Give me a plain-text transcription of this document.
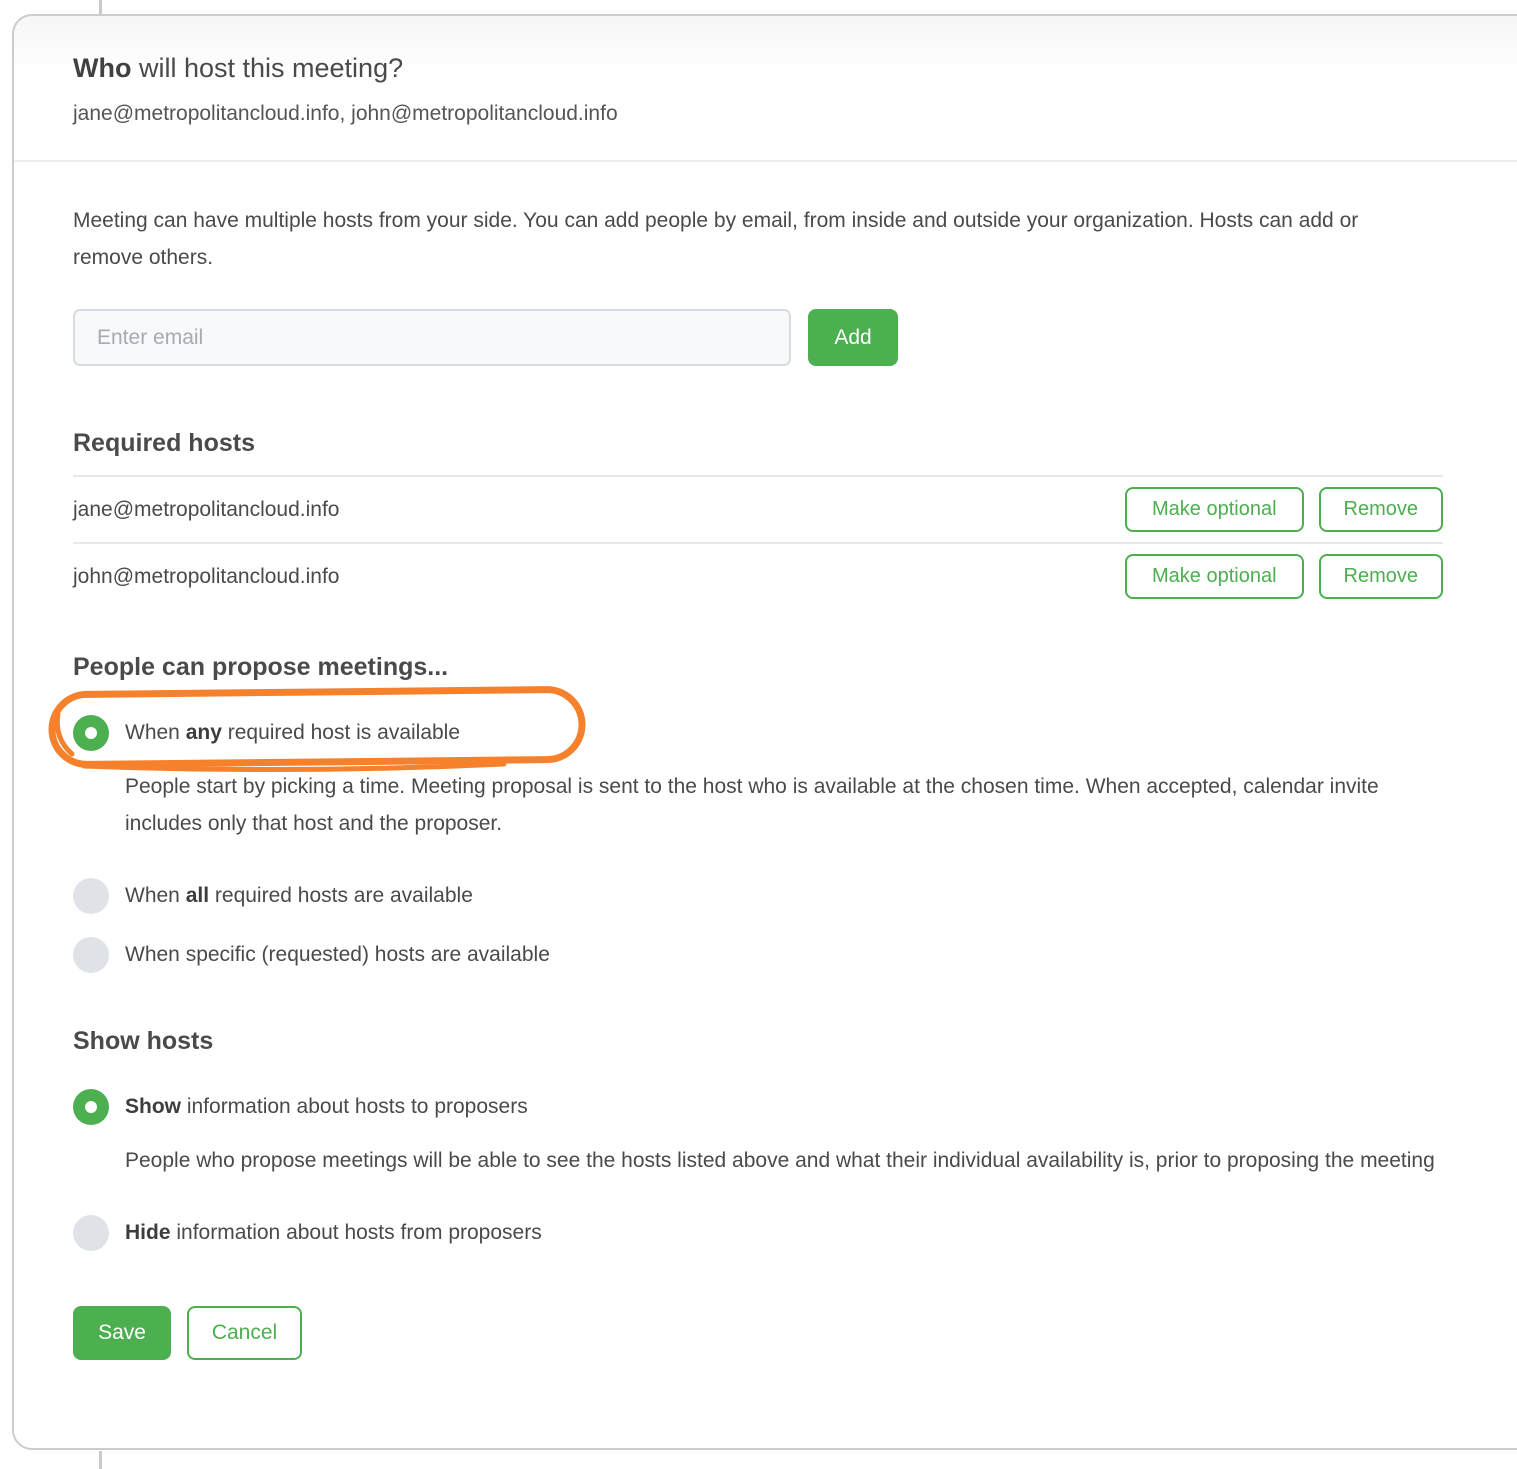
Who will host this meeting?
jane@metropolitancloud.info, john@metropolitancloud.info

Meeting can have multiple hosts from your side. You can add people by email, from inside and outside your organization. Hosts can add or remove others.

Enter email
Add
Required hosts
jane@metropolitancloud.info	Make optional	Remove
john@metropolitancloud.info	Make optional	Remove
People can propose meetings...
When any required host is available

People start by picking a time. Meeting proposal is sent to the host who is available at the chosen time. When accepted, calendar invite includes only that host and the proposer.

When all required hosts are available
When specific (requested) hosts are available
Show hosts
Show information about hosts to proposers

People who propose meetings will be able to see the hosts listed above and what their individual availability is, prior to proposing the meeting

Hide information about hosts from proposers
Save	Cancel
